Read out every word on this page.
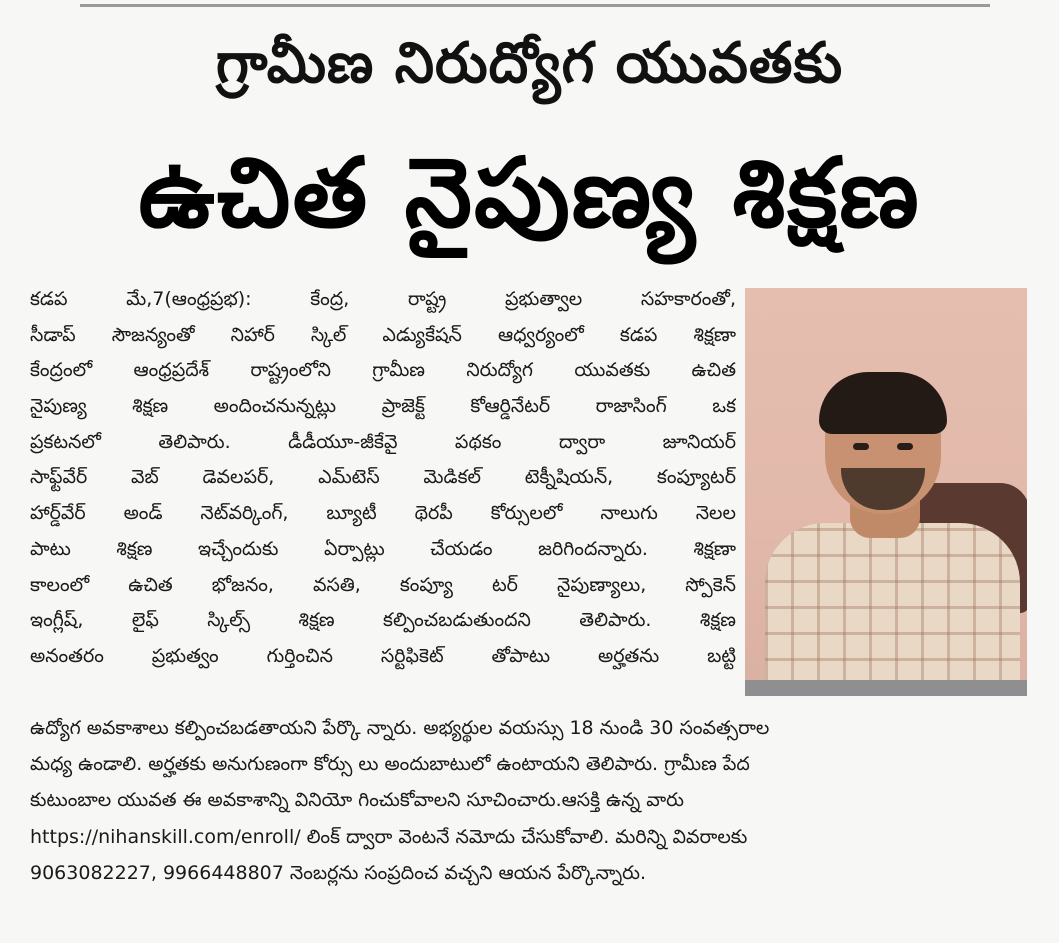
గ్రామీణ నిరుద్యోగ యువతకు
ఉచిత నైపుణ్య శిక్షణ
కడప మే,7(ఆంధ్రప్రభ): కేంద్ర, రాష్ట్ర ప్రభుత్వాల సహకారంతో,
సీడాప్ సౌజన్యంతో నిహార్ స్కిల్ ఎడ్యుకేషన్ ఆధ్వర్యంలో కడప శిక్షణా
కేంద్రంలో ఆంధ్రప్రదేశ్ రాష్ట్రంలోని గ్రామీణ నిరుద్యోగ యువతకు ఉచిత
నైపుణ్య శిక్షణ అందించనున్నట్లు ప్రాజెక్ట్ కోఆర్డినేటర్ రాజాసింగ్ ఒక
ప్రకటనలో తెలిపారు. డీడీయూ-జీకేవై పథకం ద్వారా జూనియర్
సాఫ్ట్‌వేర్ వెబ్ డెవలపర్, ఎమ్‌టెస్ మెడికల్ టెక్నీషియన్, కంప్యూటర్
హార్డ్‌వేర్ అండ్ నెట్‌వర్కింగ్, బ్యూటీ థెరపీ కోర్సులలో నాలుగు నెలల
పాటు శిక్షణ ఇచ్చేందుకు ఏర్పాట్లు చేయడం జరిగిందన్నారు. శిక్షణా
కాలంలో ఉచిత భోజనం, వసతి, కంప్యూ టర్ నైపుణ్యాలు, స్పోకెన్
ఇంగ్లీష్, లైఫ్ స్కిల్స్ శిక్షణ కల్పించబడుతుందని తెలిపారు. శిక్షణ
అనంతరం ప్రభుత్వం గుర్తించిన సర్టిఫికెట్ తోపాటు అర్హతను బట్టి
ఉద్యోగ అవకాశాలు కల్పించబడతాయని పేర్కొ న్నారు. అభ్యర్థుల వయస్సు 18 నుండి 30 సంవత్సరాల
మధ్య ఉండాలి. అర్హతకు అనుగుణంగా కోర్సు లు అందుబాటులో ఉంటాయని తెలిపారు. గ్రామీణ పేద
కుటుంబాల యువత ఈ అవకాశాన్ని వినియో గించుకోవాలని సూచించారు.ఆసక్తి ఉన్న వారు
https://nihanskill.com/enroll/ లింక్ ద్వారా వెంటనే నమోదు చేసుకోవాలి. మరిన్ని వివరాలకు
9063082227, 9966448807 నెంబర్లను సంప్రదించ వచ్చని ఆయన పేర్కొన్నారు.
